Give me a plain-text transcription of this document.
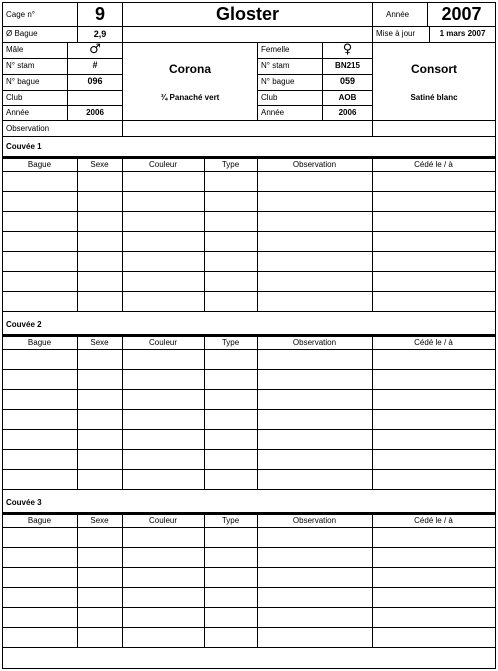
Cage n°	9	Gloster	Année	2007
Ø Bague	2,9	Mise à jour	1 mars 2007
Mâle	♂
N° stam	#
N° bague	096
Club
Année	2006
Corona
¾ Panaché vert
Femelle	♀
N° stam	BN215
N° bague	059
Club	AOB
Année	2006
Consort
Satiné blanc
Observation
Couvée 1
Bague	Sexe	Couleur	Type	Observation	Cédé le / à
Couvée 2
Bague	Sexe	Couleur	Type	Observation	Cédé le / à
Couvée 3
Bague	Sexe	Couleur	Type	Observation	Cédé le / à
